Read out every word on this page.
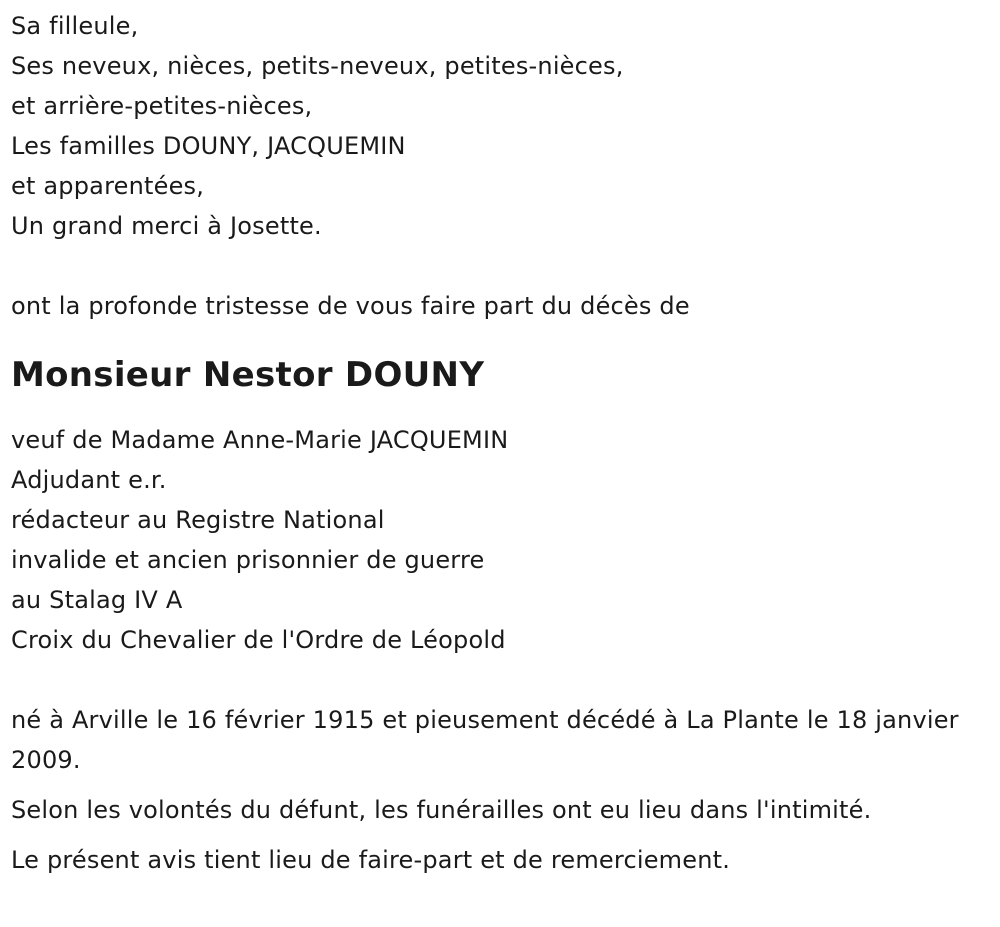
Sa filleule,
Ses neveux, nièces, petits-neveux, petites-nièces,
et arrière-petites-nièces,
Les familles DOUNY, JACQUEMIN
et apparentées,
Un grand merci à Josette.
ont la profonde tristesse de vous faire part du décès de
Monsieur Nestor DOUNY
veuf de Madame Anne-Marie JACQUEMIN
Adjudant e.r.
rédacteur au Registre National
invalide et ancien prisonnier de guerre
au Stalag IV A
Croix du Chevalier de l'Ordre de Léopold
né à Arville le 16 février 1915 et pieusement décédé à La Plante le 18 janvier 2009.
Selon les volontés du défunt, les funérailles ont eu lieu dans l'intimité.
Le présent avis tient lieu de faire-part et de remerciement.
